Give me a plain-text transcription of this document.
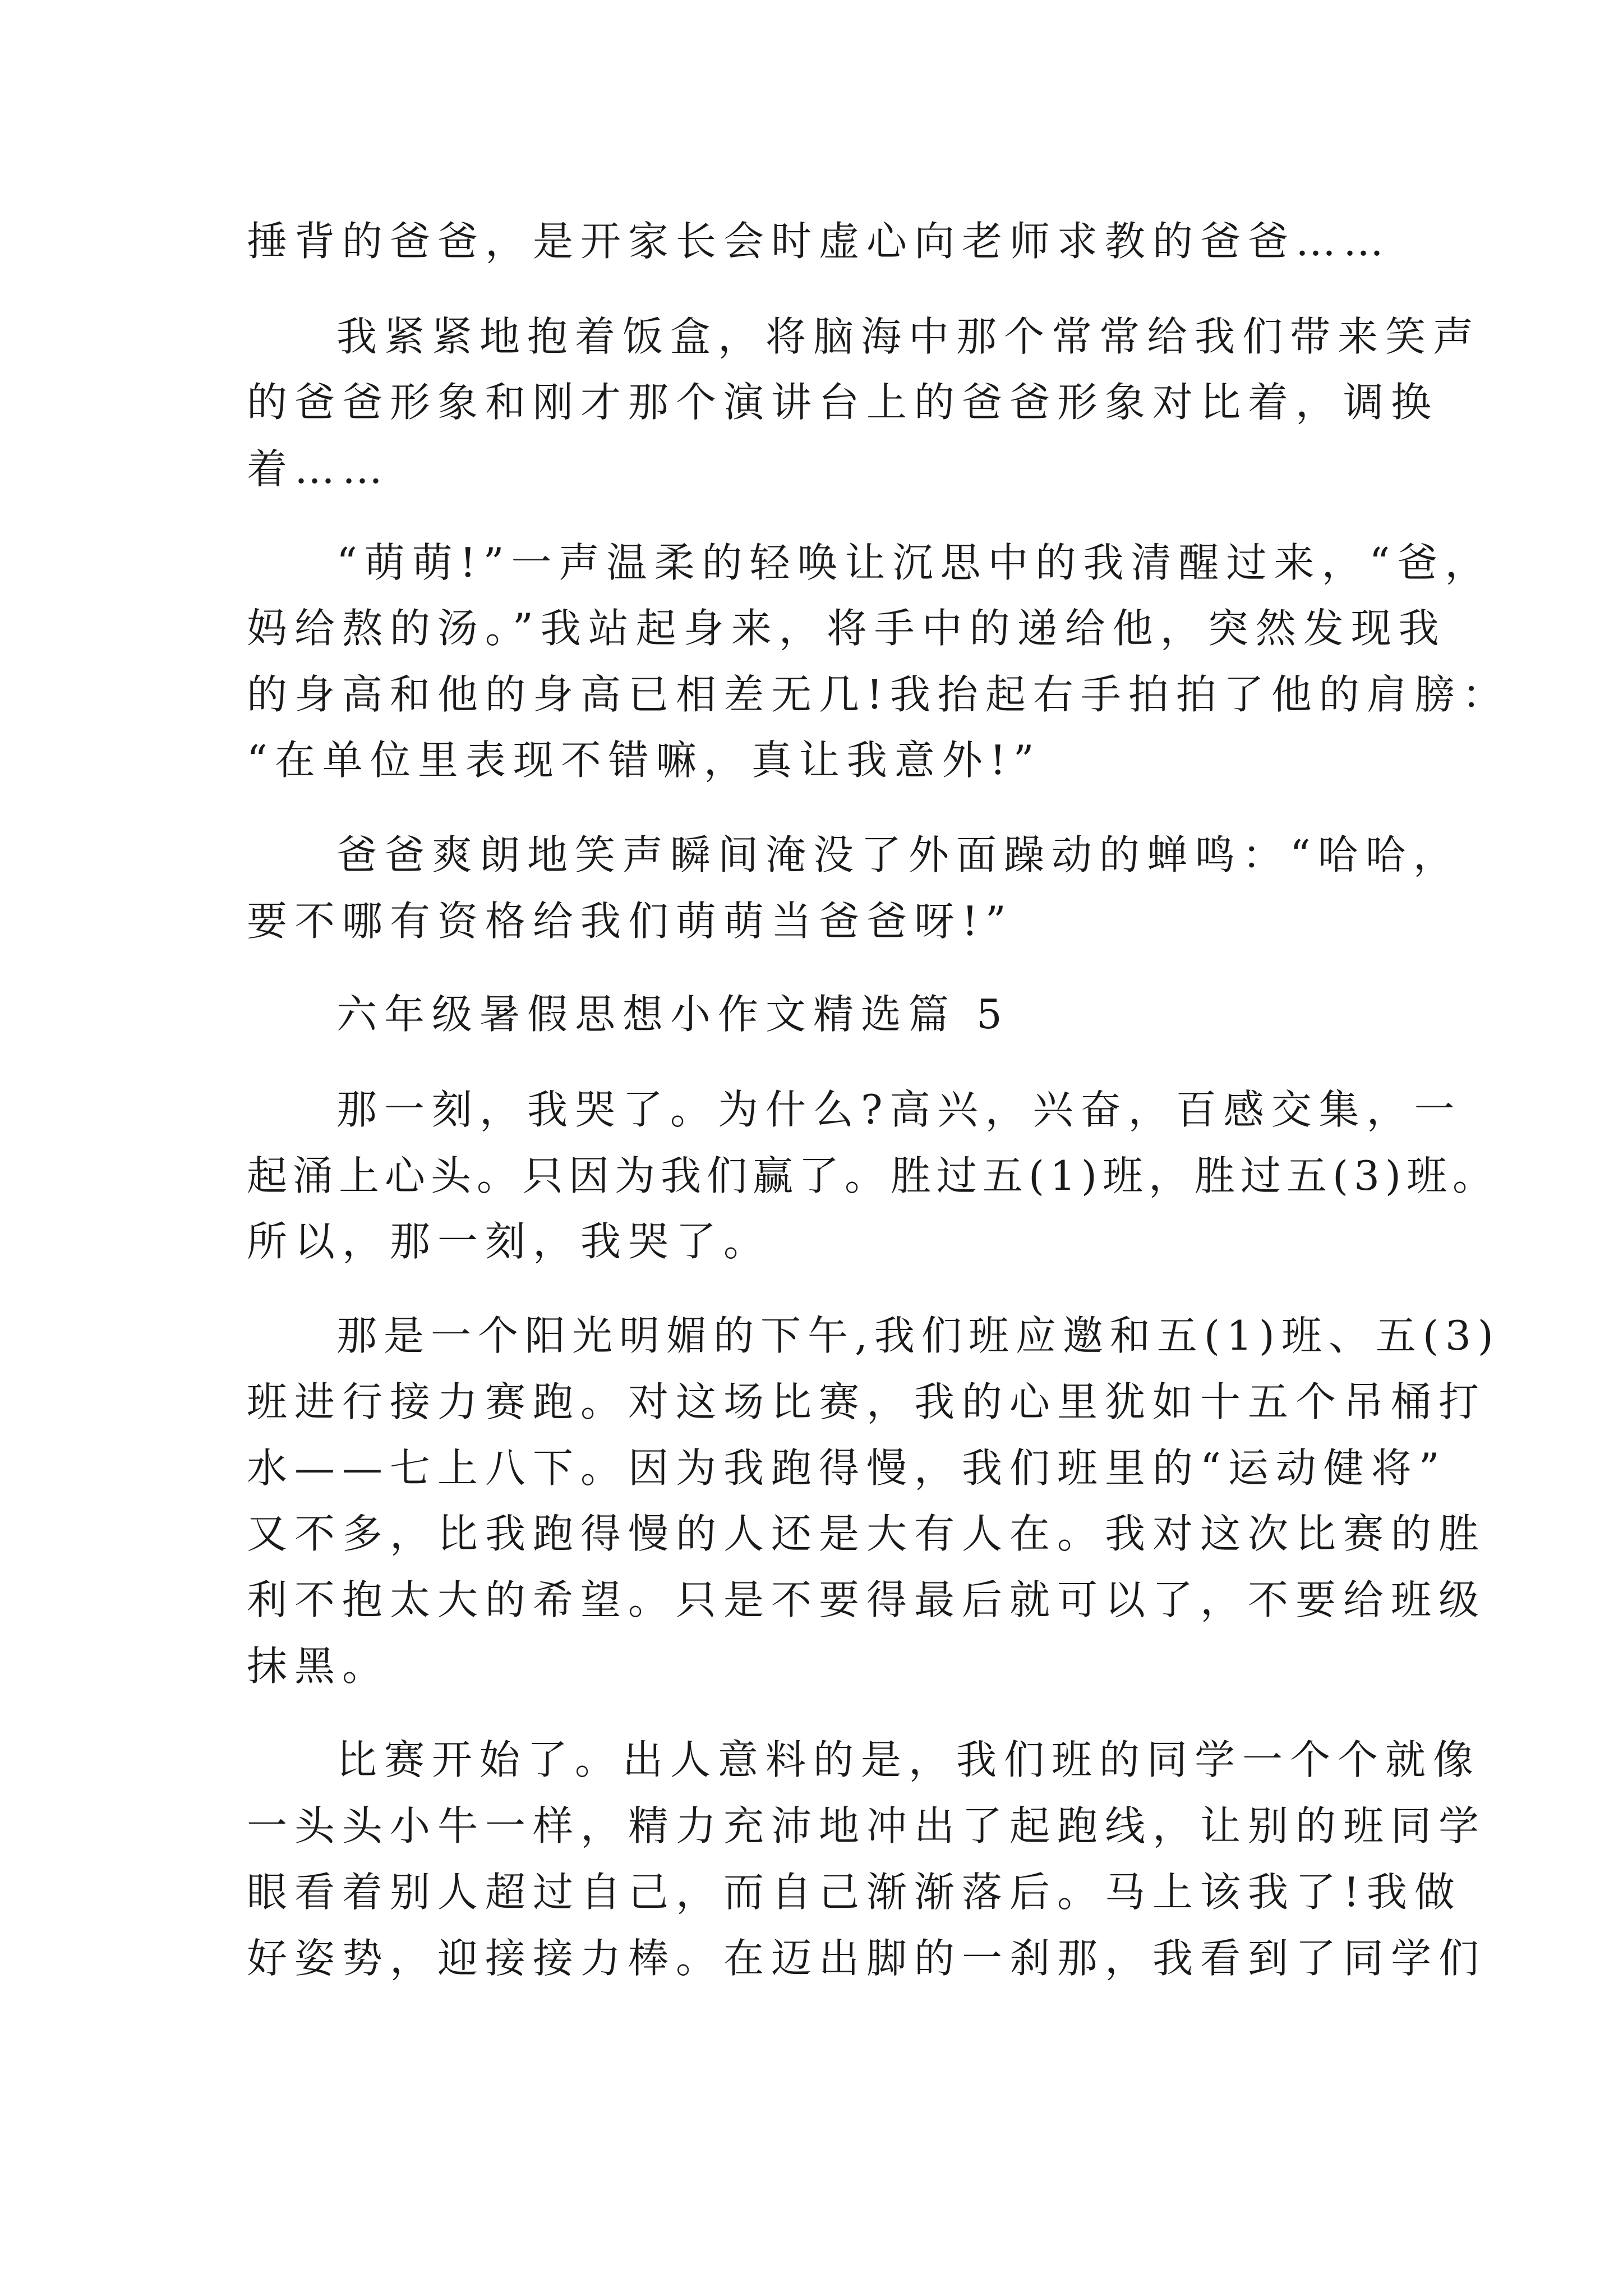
捶背的爸爸，是开家长会时虚心向老师求教的爸爸……
我紧紧地抱着饭盒，将脑海中那个常常给我们带来笑声
的爸爸形象和刚才那个演讲台上的爸爸形象对比着，调换
着……
“萌萌!”一声温柔的轻唤让沉思中的我清醒过来，“爸，
妈给熬的汤。”我站起身来，将手中的递给他，突然发现我
的身高和他的身高已相差无几!我抬起右手拍拍了他的肩膀：
“在单位里表现不错嘛，真让我意外!”
爸爸爽朗地笑声瞬间淹没了外面躁动的蝉鸣：“哈哈，
要不哪有资格给我们萌萌当爸爸呀!”
六年级暑假思想小作文精选篇 5
那一刻，我哭了。为什么?高兴，兴奋，百感交集，一
起涌上心头。只因为我们赢了。胜过五(1)班，胜过五(3)班。
所以，那一刻，我哭了。
那是一个阳光明媚的下午,我们班应邀和五(1)班、五(3)
班进行接力赛跑。对这场比赛，我的心里犹如十五个吊桶打
水——七上八下。因为我跑得慢，我们班里的“运动健将”
又不多，比我跑得慢的人还是大有人在。我对这次比赛的胜
利不抱太大的希望。只是不要得最后就可以了，不要给班级
抹黑。
比赛开始了。出人意料的是，我们班的同学一个个就像
一头头小牛一样，精力充沛地冲出了起跑线，让别的班同学
眼看着别人超过自己，而自己渐渐落后。马上该我了!我做
好姿势，迎接接力棒。在迈出脚的一刹那，我看到了同学们
